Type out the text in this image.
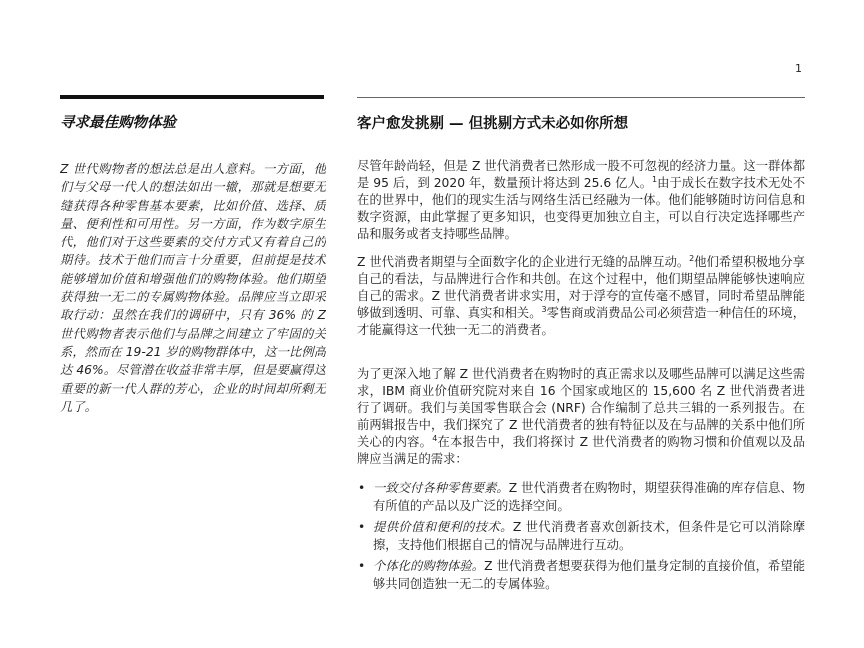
1
寻求最佳购物体验
Z 世代购物者的想法总是出人意料。一方面，他们与父母一代人的想法如出一辙，那就是想要无缝获得各种零售基本要素，比如价值、选择、质量、便利性和可用性。另一方面，作为数字原生代，他们对于这些要素的交付方式又有着自己的期待。技术于他们而言十分重要，但前提是技术能够增加价值和增强他们的购物体验。他们期望获得独一无二的专属购物体验。品牌应当立即采取行动：虽然在我们的调研中，只有 36% 的 Z 世代购物者表示他们与品牌之间建立了牢固的关系，然而在 19-21 岁的购物群体中，这一比例高达 46%。尽管潜在收益非常丰厚，但是要赢得这重要的新一代人群的芳心，企业的时间却所剩无几了。
客户愈发挑剔 — 但挑剔方式未必如你所想

尽管年龄尚轻，但是 Z 世代消费者已然形成一股不可忽视的经济力量。这一群体都是 95 后，到 2020 年，数量预计将达到 25.6 亿人。$^1$由于成长在数字技术无处不在的世界中，他们的现实生活与网络生活已经融为一体。他们能够随时访问信息和数字资源，由此掌握了更多知识，也变得更加独立自主，可以自行决定选择哪些产品和服务或者支持哪些品牌。

Z 世代消费者期望与全面数字化的企业进行无缝的品牌互动。$^2$他们希望积极地分享自己的看法，与品牌进行合作和共创。在这个过程中，他们期望品牌能够快速响应自己的需求。Z 世代消费者讲求实用，对于浮夸的宣传毫不感冒，同时希望品牌能够做到透明、可靠、真实和相关。$^3$零售商或消费品公司必须营造一种信任的环境，才能赢得这一代独一无二的消费者。

为了更深入地了解 Z 世代消费者在购物时的真正需求以及哪些品牌可以满足这些需求，IBM 商业价值研究院对来自 16 个国家或地区的 15,600 名 Z 世代消费者进行了调研。我们与美国零售联合会 (NRF) 合作编制了总共三辑的一系列报告。在前两辑报告中，我们探究了 Z 世代消费者的独有特征以及在与品牌的关系中他们所关心的内容。$^4$在本报告中，我们将探讨 Z 世代消费者的购物习惯和价值观以及品牌应当满足的需求：

• 一致交付各种零售要素。Z 世代消费者在购物时，期望获得准确的库存信息、物有所值的产品以及广泛的选择空间。
• 提供价值和便利的技术。Z 世代消费者喜欢创新技术，但条件是它可以消除摩擦，支持他们根据自己的情况与品牌进行互动。
• 个体化的购物体验。Z 世代消费者想要获得为他们量身定制的直接价值，希望能够共同创造独一无二的专属体验。
